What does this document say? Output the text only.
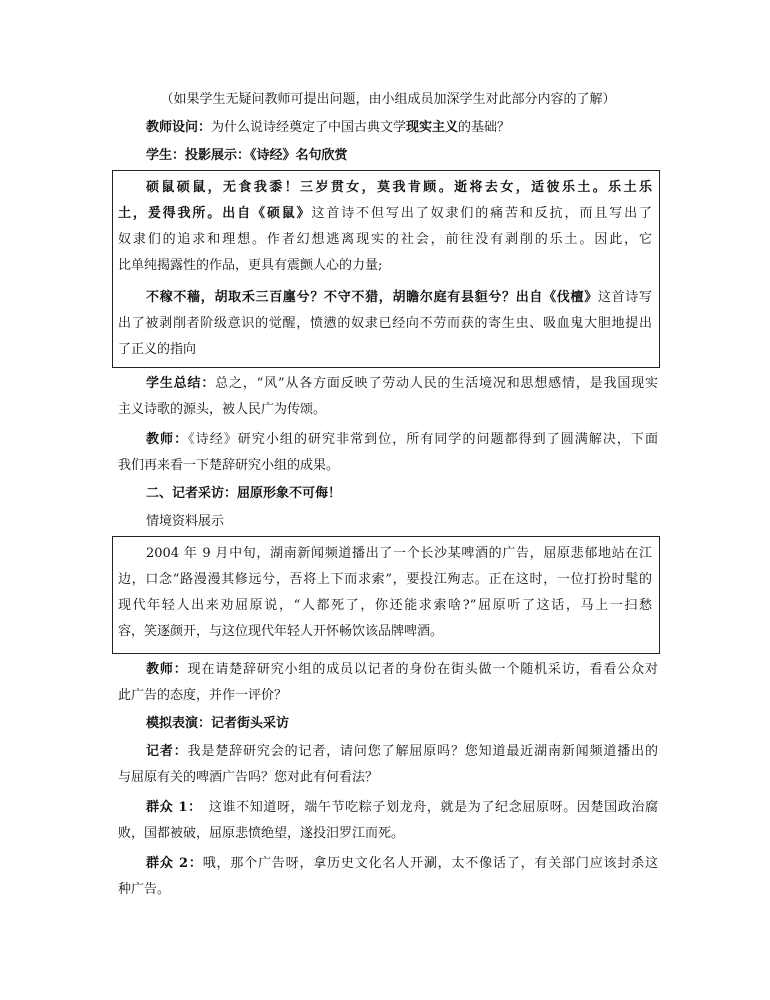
（如果学生无疑问教师可提出问题，由小组成员加深学生对此部分内容的了解）
教师设问：为什么说诗经奠定了中国古典文学现实主义的基础？
学生：投影展示：《诗经》名句欣赏
硕鼠硕鼠，无食我黍！三岁贯女，莫我肯顾。逝将去女，适彼乐土。乐土乐
土，爰得我所。出自《硕鼠》这首诗不但写出了奴隶们的痛苦和反抗，而且写出了
奴隶们的追求和理想。作者幻想逃离现实的社会，前往没有剥削的乐土。因此，它
比单纯揭露性的作品，更具有震颤人心的力量;
不稼不穑，胡取禾三百廛兮？不守不猎，胡瞻尔庭有县貆兮？出自《伐檀》这首诗写
出了被剥削者阶级意识的觉醒，愤懑的奴隶已经向不劳而获的寄生虫、吸血鬼大胆地提出
了正义的指向
学生总结：总之，“风”从各方面反映了劳动人民的生活境况和思想感情，是我国现实
主义诗歌的源头，被人民广为传颂。
教师：《诗经》研究小组的研究非常到位，所有同学的问题都得到了圆满解决，下面
我们再来看一下楚辞研究小组的成果。
二、记者采访：屈原形象不可侮！
情境资料展示
2004 年 9 月中旬，湖南新闻频道播出了一个长沙某啤酒的广告，屈原悲郁地站在江
边，口念“路漫漫其修远兮，吾将上下而求索”，要投江殉志。正在这时，一位打扮时髦的
现代年轻人出来劝屈原说，“人都死了，你还能求索啥?”屈原听了这话，马上一扫愁
容，笑逐颜开，与这位现代年轻人开怀畅饮该品牌啤酒。
教师：现在请楚辞研究小组的成员以记者的身份在街头做一个随机采访，看看公众对
此广告的态度，并作一评价？
模拟表演：记者街头采访
记者：我是楚辞研究会的记者，请问您了解屈原吗？您知道最近湖南新闻频道播出的
与屈原有关的啤酒广告吗？您对此有何看法？
群众 1：　这谁不知道呀，端午节吃粽子划龙舟，就是为了纪念屈原呀。因楚国政治腐
败，国都被破，屈原悲愤绝望，遂投汨罗江而死。
群众 2：哦，那个广告呀，拿历史文化名人开涮，太不像话了，有关部门应该封杀这
种广告。
